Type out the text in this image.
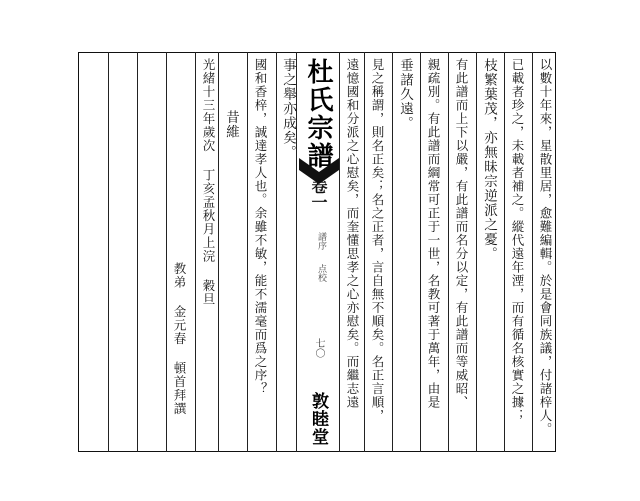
以數十年來，星散里居，愈難編輯。於是會同族議，付諸梓人。
已載者珍之，未載者補之。縱代遠年湮，而有循名核實之據；
枝繁葉茂，亦無昧宗逆派之憂。
有此譜而上下以嚴，有此譜而名分以定，有此譜而等威昭、
親疏別。有此譜而綱常可正于一世，名教可著于萬年，由是
垂諸久遠。
杜氏宗譜
卷一
譜序
点校
七〇
敦睦堂	見之稱謂，則名正矣；名之正者，言自無不順矣。名正言順，
遠憶國和分派之心慰矣，而奎懂思孝之心亦慰矣。而繼志遠
事之舉亦成矣。
國和香梓，誠達孝人也。余雖不敏，能不濡毫而爲之序？
昔維
光緒十三年歲次 丁亥孟秋月上浣 穀旦
教弟 金元春 頓首拜譔
